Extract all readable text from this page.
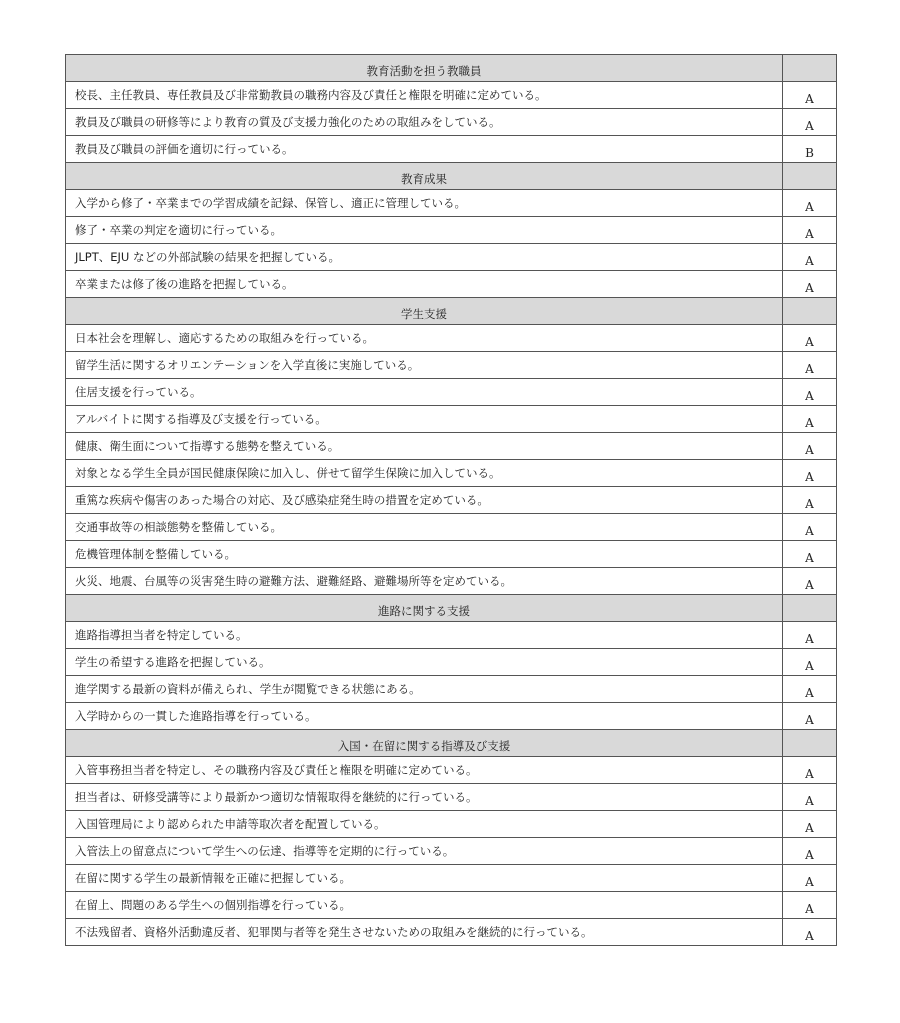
教育活動を担う教職員	
校長、主任教員、専任教員及び非常勤教員の職務内容及び責任と権限を明確に定めている。	A
教員及び職員の研修等により教育の質及び支援力強化のための取組みをしている。	A
教員及び職員の評価を適切に行っている。	B
教育成果	
入学から修了・卒業までの学習成績を記録、保管し、適正に管理している。	A
修了・卒業の判定を適切に行っている。	A
JLPT、EJU などの外部試験の結果を把握している。	A
卒業または修了後の進路を把握している。	A
学生支援	
日本社会を理解し、適応するための取組みを行っている。	A
留学生活に関するオリエンテーションを入学直後に実施している。	A
住居支援を行っている。	A
アルバイトに関する指導及び支援を行っている。	A
健康、衛生面について指導する態勢を整えている。	A
対象となる学生全員が国民健康保険に加入し、併せて留学生保険に加入している。	A
重篤な疾病や傷害のあった場合の対応、及び感染症発生時の措置を定めている。	A
交通事故等の相談態勢を整備している。	A
危機管理体制を整備している。	A
火災、地震、台風等の災害発生時の避難方法、避難経路、避難場所等を定めている。	A
進路に関する支援	
進路指導担当者を特定している。	A
学生の希望する進路を把握している。	A
進学関する最新の資料が備えられ、学生が閲覧できる状態にある。	A
入学時からの一貫した進路指導を行っている。	A
入国・在留に関する指導及び支援	
入管事務担当者を特定し、その職務内容及び責任と権限を明確に定めている。	A
担当者は、研修受講等により最新かつ適切な情報取得を継続的に行っている。	A
入国管理局により認められた申請等取次者を配置している。	A
入管法上の留意点について学生への伝達、指導等を定期的に行っている。	A
在留に関する学生の最新情報を正確に把握している。	A
在留上、問題のある学生への個別指導を行っている。	A
不法残留者、資格外活動違反者、犯罪関与者等を発生させないための取組みを継続的に行っている。	A
